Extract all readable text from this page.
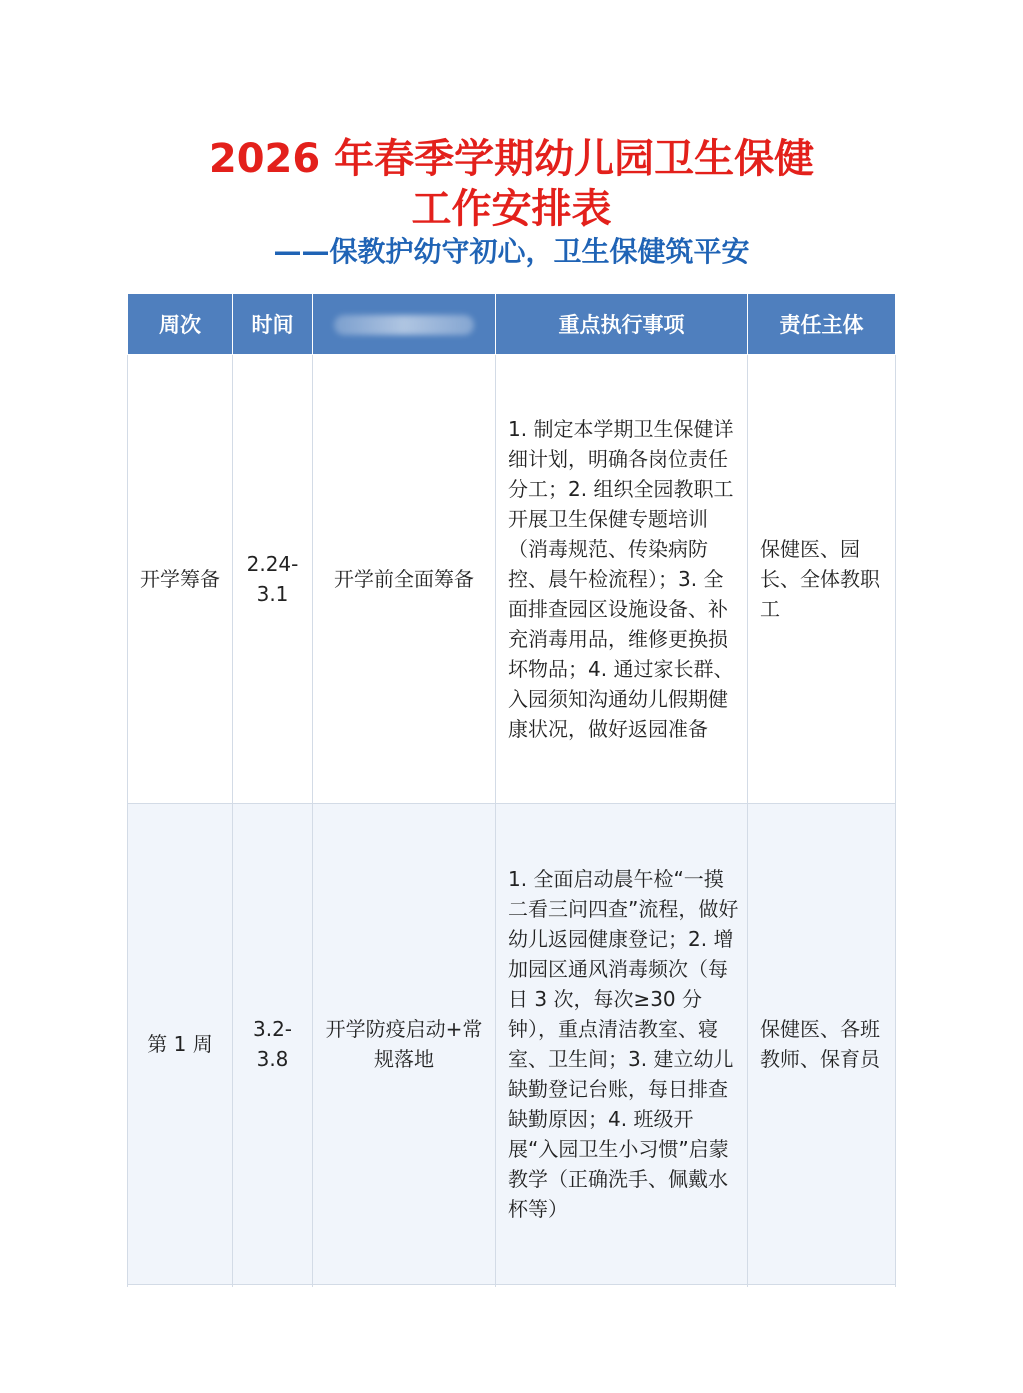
2026 年春季学期幼儿园卫生保健
工作安排表
——保教护幼守初心，卫生保健筑平安
周次	时间		重点执行事项	责任主体
开学筹备	2.24-3.1	开学前全面筹备	1. 制定本学期卫生保健详细计划，明确各岗位责任分工；2. 组织全园教职工开展卫生保健专题培训（消毒规范、传染病防控、晨午检流程）；3. 全面排查园区设施设备、补充消毒用品，维修更换损坏物品；4. 通过家长群、入园须知沟通幼儿假期健康状况，做好返园准备	保健医、园长、全体教职工
第 1 周	3.2-3.8	开学防疫启动+常规落地	1. 全面启动晨午检“一摸二看三问四查”流程，做好幼儿返园健康登记；2. 增加园区通风消毒频次（每日 3 次，每次≥30 分钟），重点清洁教室、寝室、卫生间；3. 建立幼儿缺勤登记台账，每日排查缺勤原因；4. 班级开展“入园卫生小习惯”启蒙教学（正确洗手、佩戴水杯等）	保健医、各班教师、保育员
